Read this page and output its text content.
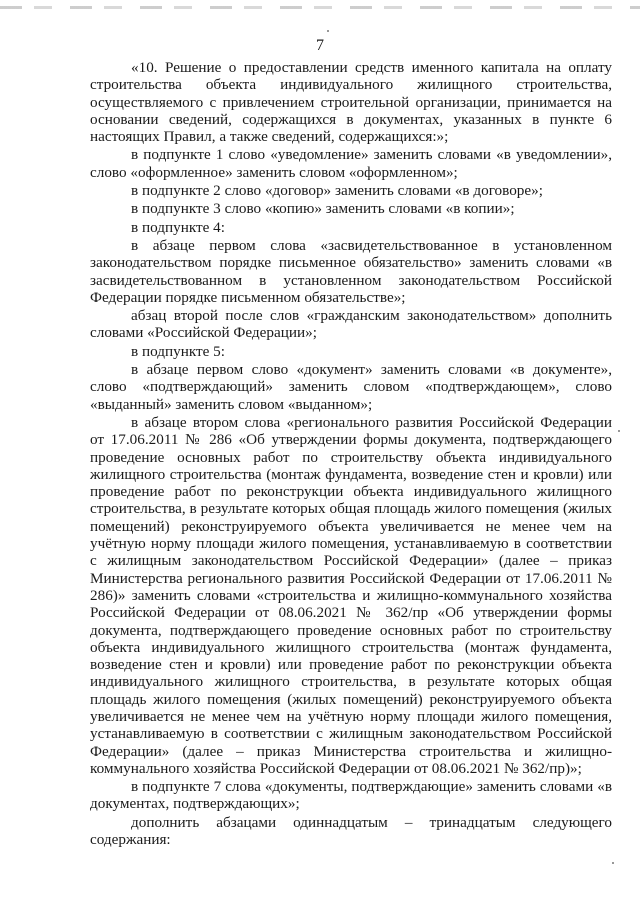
7

«10. Решение о предоставлении средств именного капитала на оплату строительства объекта индивидуального жилищного строительства, осуществляемого с привлечением строительной организации, принимается на основании сведений, содержащихся в документах, указанных в пункте 6 настоящих Правил, а также сведений, содержащихся:»;

в подпункте 1 слово «уведомление» заменить словами «в уведомлении», слово «оформленное» заменить словом «оформленном»;

в подпункте 2 слово «договор» заменить словами «в договоре»;

в подпункте 3 слово «копию» заменить словами «в копии»;

в подпункте 4:

в абзаце первом слова «засвидетельствованное в установленном законодательством порядке письменное обязательство» заменить словами «в засвидетельствованном в установленном законодательством Российской Федерации порядке письменном обязательстве»;

абзац второй после слов «гражданским законодательством» дополнить словами «Российской Федерации»;

в подпункте 5:

в абзаце первом слово «документ» заменить словами «в документе», слово «подтверждающий» заменить словом «подтверждающем», слово «выданный» заменить словом «выданном»;

в абзаце втором слова «регионального развития Российской Федерации от 17.06.2011 № 286 «Об утверждении формы документа, подтверждающего проведение основных работ по строительству объекта индивидуального жилищного строительства (монтаж фундамента, возведение стен и кровли) или проведение работ по реконструкции объекта индивидуального жилищного строительства, в результате которых общая площадь жилого помещения (жилых помещений) реконструируемого объекта увеличивается не менее чем на учётную норму площади жилого помещения, устанавливаемую в соответствии с жилищным законодательством Российской Федерации» (далее – приказ Министерства регионального развития Российской Федерации от 17.06.2011 № 286)» заменить словами «строительства и жилищно-коммунального хозяйства Российской Федерации от 08.06.2021 № 362/пр «Об утверждении формы документа, подтверждающего проведение основных работ по строительству объекта индивидуального жилищного строительства (монтаж фундамента, возведение стен и кровли) или проведение работ по реконструкции объекта индивидуального жилищного строительства, в результате которых общая площадь жилого помещения (жилых помещений) реконструируемого объекта увеличивается не менее чем на учётную норму площади жилого помещения, устанавливаемую в соответствии с жилищным законодательством Российской Федерации» (далее – приказ Министерства строительства и жилищно-коммунального хозяйства Российской Федерации от 08.06.2021 № 362/пр)»;

в подпункте 7 слова «документы, подтверждающие» заменить словами «в документах, подтверждающих»;

дополнить абзацами одиннадцатым – тринадцатым следующего содержания:
